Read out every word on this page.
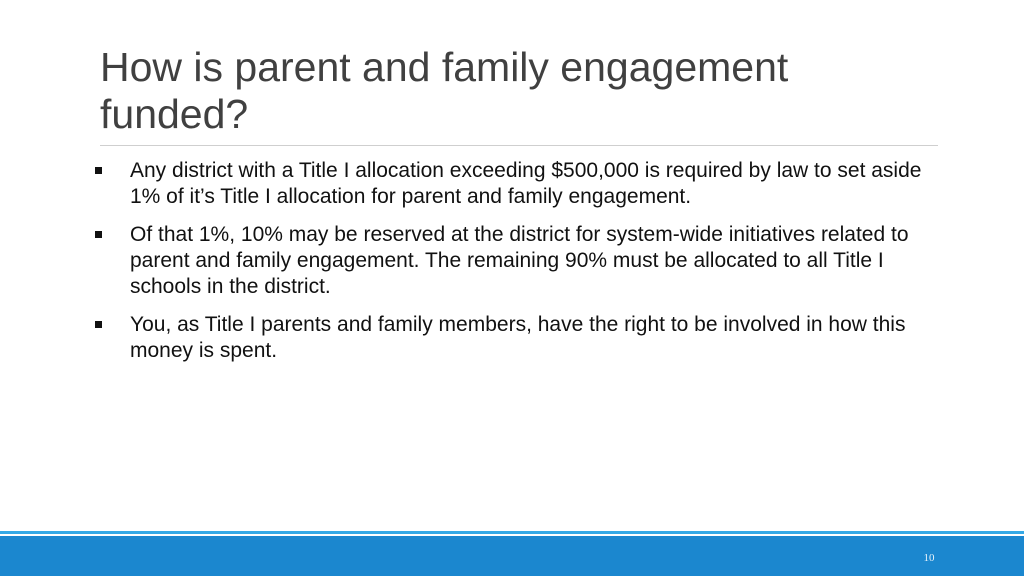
How is parent and family engagement funded?
Any district with a Title I allocation exceeding $500,000 is required by law to set aside 1% of it’s Title I allocation for parent and family engagement.
Of that 1%, 10% may be reserved at the district for system-wide initiatives related to parent and family engagement. The remaining 90% must be allocated to all Title I schools in the district.
You, as Title I parents and family members, have the right to be involved in how this money is spent.
10
